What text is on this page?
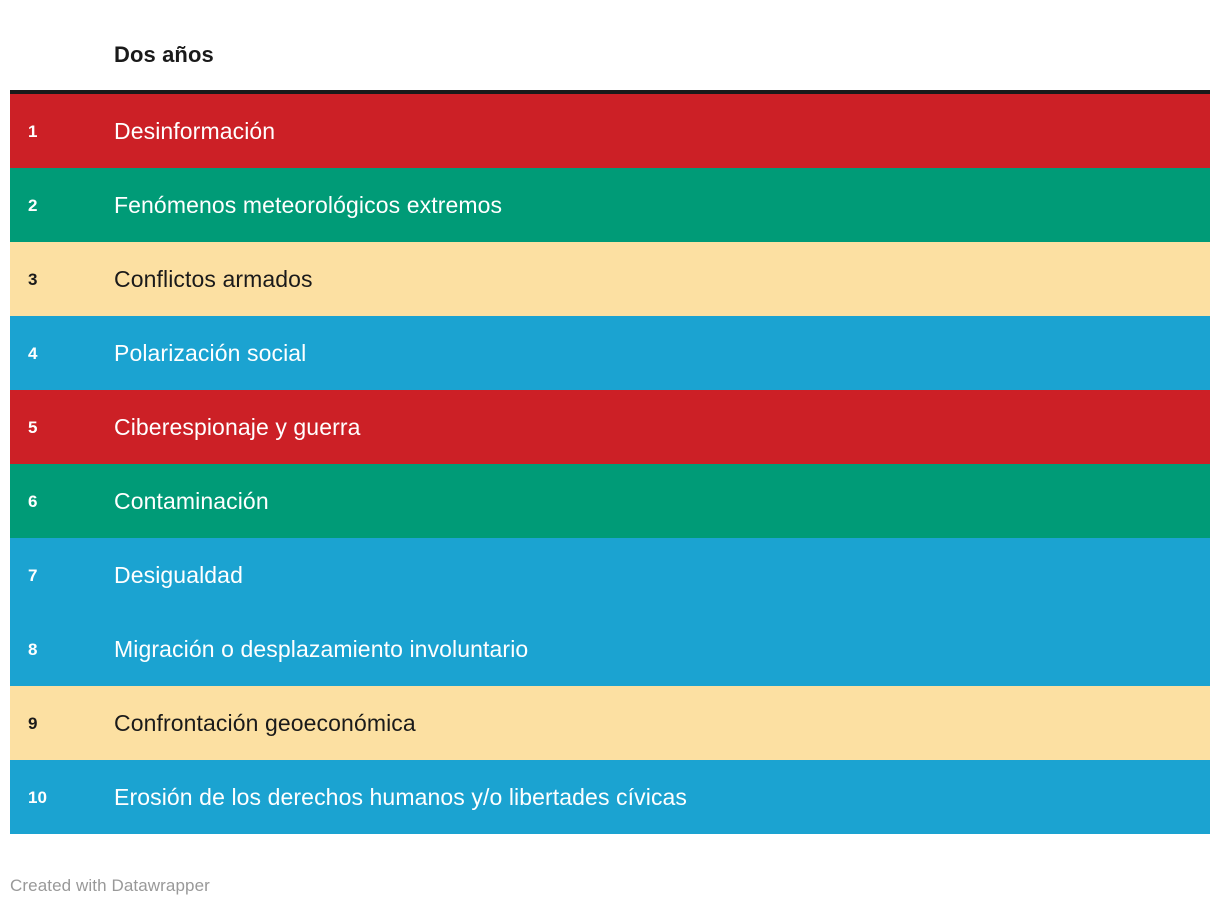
Dos años
1	Desinformación
2	Fenómenos meteorológicos extremos
3	Conflictos armados
4	Polarización social
5	Ciberespionaje y guerra
6	Contaminación
7	Desigualdad
8	Migración o desplazamiento involuntario
9	Confrontación geoeconómica
10	Erosión de los derechos humanos y/o libertades cívicas
Created with Datawrapper
